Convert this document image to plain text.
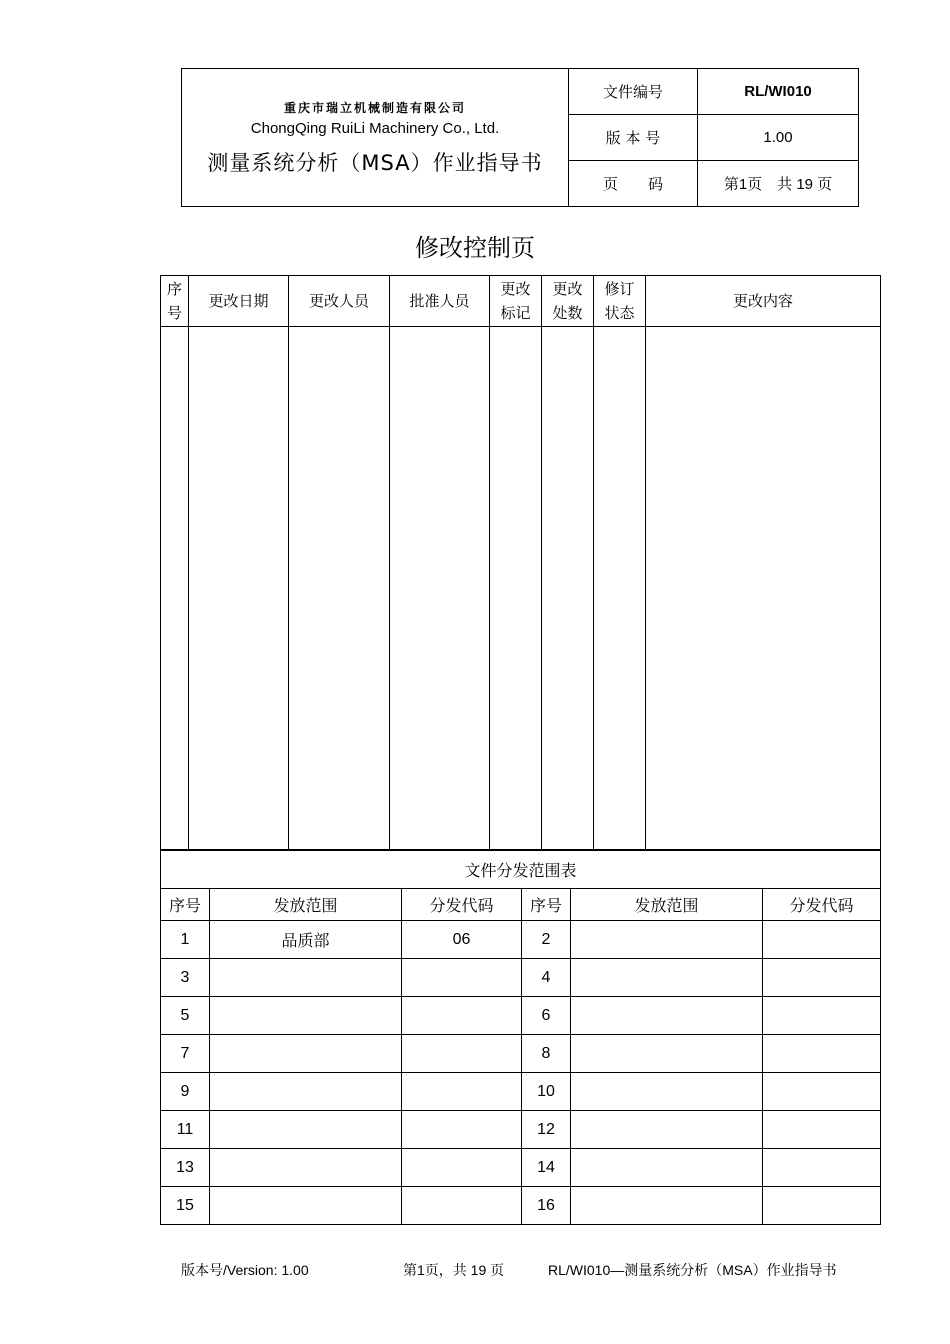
重庆市瑞立机械制造有限公司
ChongQing RuiLi Machinery Co., Ltd.
测量系统分析（MSA）作业指导书	文件编号	RL/WI010
	版 本 号	1.00
	页　　码	第1页　共 19 页
修改控制页
序号	更改日期	更改人员	批准人员	更改标记	更改处数	修订状态	更改内容

文件分发范围表					
序号	发放范围	分发代码	序号	发放范围	分发代码
1	品质部	06	2		
3			4		
5			6		
7			8		
9			10		
11			12		
13			14		
15			16		
版本号/Version: 1.00	第1页，共 19 页	RL/WI010—测量系统分析（MSA）作业指导书
